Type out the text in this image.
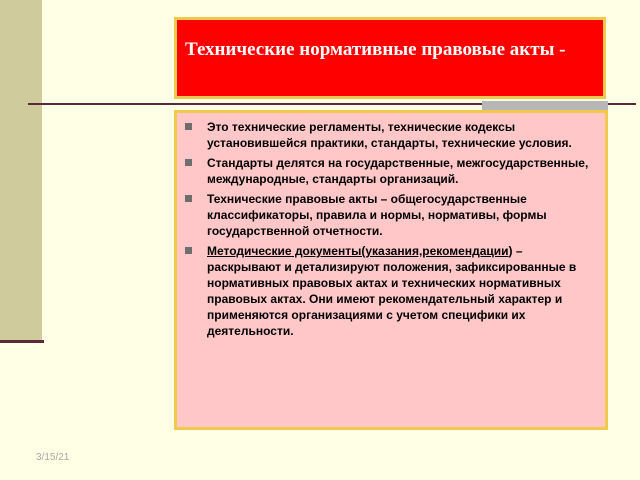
Технические нормативные правовые акты -
Это технические регламенты, технические кодексы установившейся практики, стандарты, технические условия.
Стандарты делятся на государственные, межгосударственные, международные, стандарты организаций.
Технические правовые акты – общегосударственные классификаторы, правила и нормы, нормативы, формы государственной отчетности.
Методические документы(указания,рекомендации) – раскрывают и детализируют положения, зафиксированные в нормативных правовых актах и технических нормативных правовых актах. Они имеют рекомендательный характер и применяются организациями с учетом специфики их деятельности.
3/15/21
